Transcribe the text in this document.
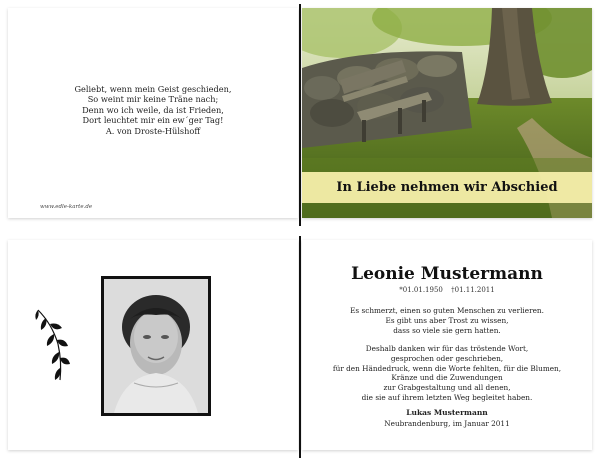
Geliebt, wenn mein Geist geschieden,
So weint mir keine Träne nach;
Denn wo ich weile, da ist Frieden,
Dort leuchtet mir ein ew´ger Tag!
A. von Droste-Hülshoff
www.edle-karte.de
In Liebe nehmen wir Abschied
Leonie Mustermann
*01.01.1950 †01.11.2011
Es schmerzt, einen so guten Menschen zu verlieren.
Es gibt uns aber Trost zu wissen,
dass so viele sie gern hatten.
Deshalb danken wir für das tröstende Wort,
gesprochen oder geschrieben,
für den Händedruck, wenn die Worte fehlten, für die Blumen,
Kränze und die Zuwendungen
zur Grabgestaltung und all denen,
die sie auf ihrem letzten Weg begleitet haben.
Lukas Mustermann
Neubrandenburg, im Januar 2011
